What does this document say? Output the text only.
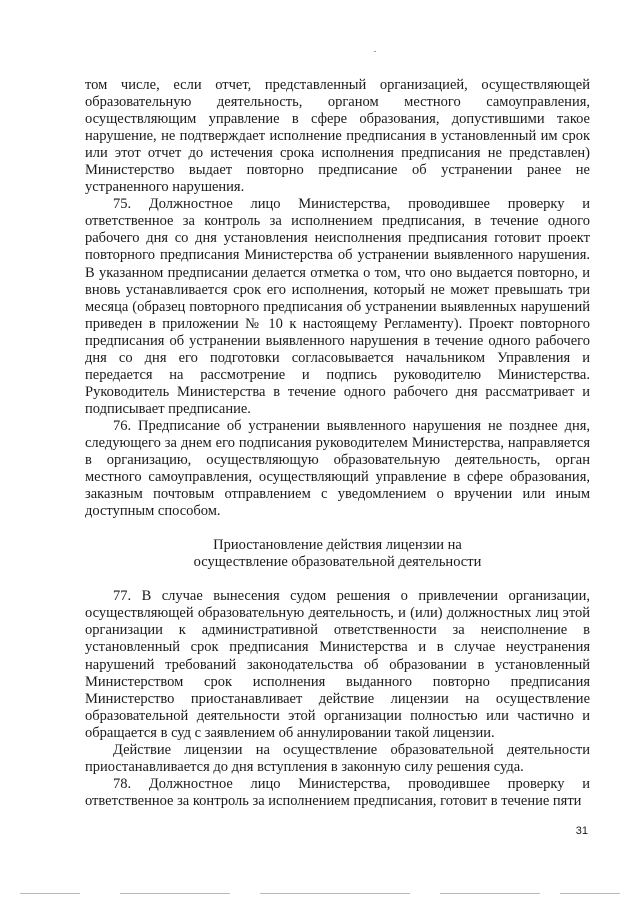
том числе, если отчет, представленный организацией, осуществляющей образовательную деятельность, органом местного самоуправления, осуществляющим управление в сфере образования, допустившими такое нарушение, не подтверждает исполнение предписания в установленный им срок или этот отчет до истечения срока исполнения предписания не представлен) Министерство выдает повторно предписание об устранении ранее не устраненного нарушения.

75. Должностное лицо Министерства, проводившее проверку и ответственное за контроль за исполнением предписания, в течение одного рабочего дня со дня установления неисполнения предписания готовит проект повторного предписания Министерства об устранении выявленного нарушения. В указанном предписании делается отметка о том, что оно выдается повторно, и вновь устанавливается срок его исполнения, который не может превышать три месяца (образец повторного предписания об устранении выявленных нарушений приведен в приложении № 10 к настоящему Регламенту). Проект повторного предписания об устранении выявленного нарушения в течение одного рабочего дня со дня его подготовки согласовывается начальником Управления и передается на рассмотрение и подпись руководителю Министерства. Руководитель Министерства в течение одного рабочего дня рассматривает и подписывает предписание.

76. Предписание об устранении выявленного нарушения не позднее дня, следующего за днем его подписания руководителем Министерства, направляется в организацию, осуществляющую образовательную деятельность, орган местного самоуправления, осуществляющий управление в сфере образования, заказным почтовым отправлением с уведомлением о вручении или иным доступным способом.

Приостановление действия лицензии на
осуществление образовательной деятельности

77. В случае вынесения судом решения о привлечении организации, осуществляющей образовательную деятельность, и (или) должностных лиц этой организации к административной ответственности за неисполнение в установленный срок предписания Министерства и в случае неустранения нарушений требований законодательства об образовании в установленный Министерством срок исполнения выданного повторно предписания Министерство приостанавливает действие лицензии на осуществление образовательной деятельности этой организации полностью или частично и обращается в суд с заявлением об аннулировании такой лицензии.

Действие лицензии на осуществление образовательной деятельности приостанавливается до дня вступления в законную силу решения суда.

78. Должностное лицо Министерства, проводившее проверку и ответственное за контроль за исполнением предписания, готовит в течение пяти

31
